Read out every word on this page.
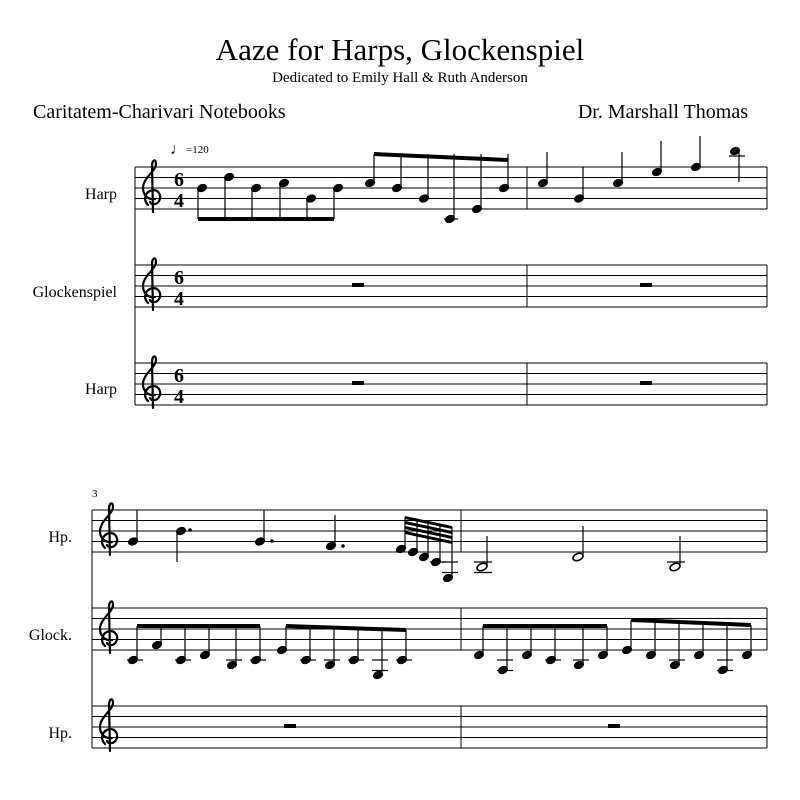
Aaze for Harps, Glockenspiel
Dedicated to Emily Hall & Ruth Anderson
Caritatem-Charivari Notebooks	Dr. Marshall Thomas
♩=120
Harp
Glockenspiel
Harp
3
Hp.
Glock.
Hp.
6
4
6
4
6
4
